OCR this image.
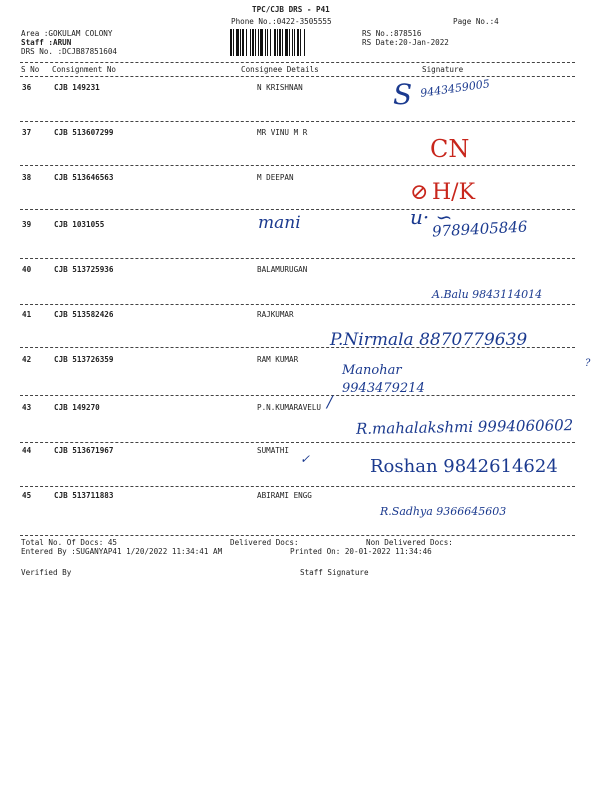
TPC/CJB DRS - P41
Phone No.:0422-3505555	Page No.:4
Area :GOKULAM COLONY
Staff :ARUN
DRS No. :DCJB87851604
RS No.:878516
RS Date:20-Jan-2022
S No Consignment No	Consignee Details	Signature
36	CJB 149231	N KRISHNAN	S 9443459005
37	CJB 513607299	MR VINU M R
CN
38	CJB 513646563	M DEEPAN
⊘ H/K
39	CJB 1031055	mani	u· ∽
9789405846
40	CJB 513725936	BALAMURUGAN
A.Balu 9843114014
41	CJB 513582426	RAJKUMAR
P.Nirmala 8870779639
42	CJB 513726359	RAM KUMAR
Manohar 9943479214
?
43	CJB 149270	P.N.KUMARAVELU /
R.mahalakshmi 9994060602
44	CJB 513671967	SUMATHI
✓	Roshan 9842614624
45	CJB 513711883	ABIRAMI ENGG
R.Sadhya 9366645603
Total No. Of Docs: 45	Delivered Docs:	Non Delivered Docs:
Entered By :SUGANYAP41 1/20/2022 11:34:41 AM	Printed On: 20-01-2022 11:34:46
Verified By	Staff Signature
